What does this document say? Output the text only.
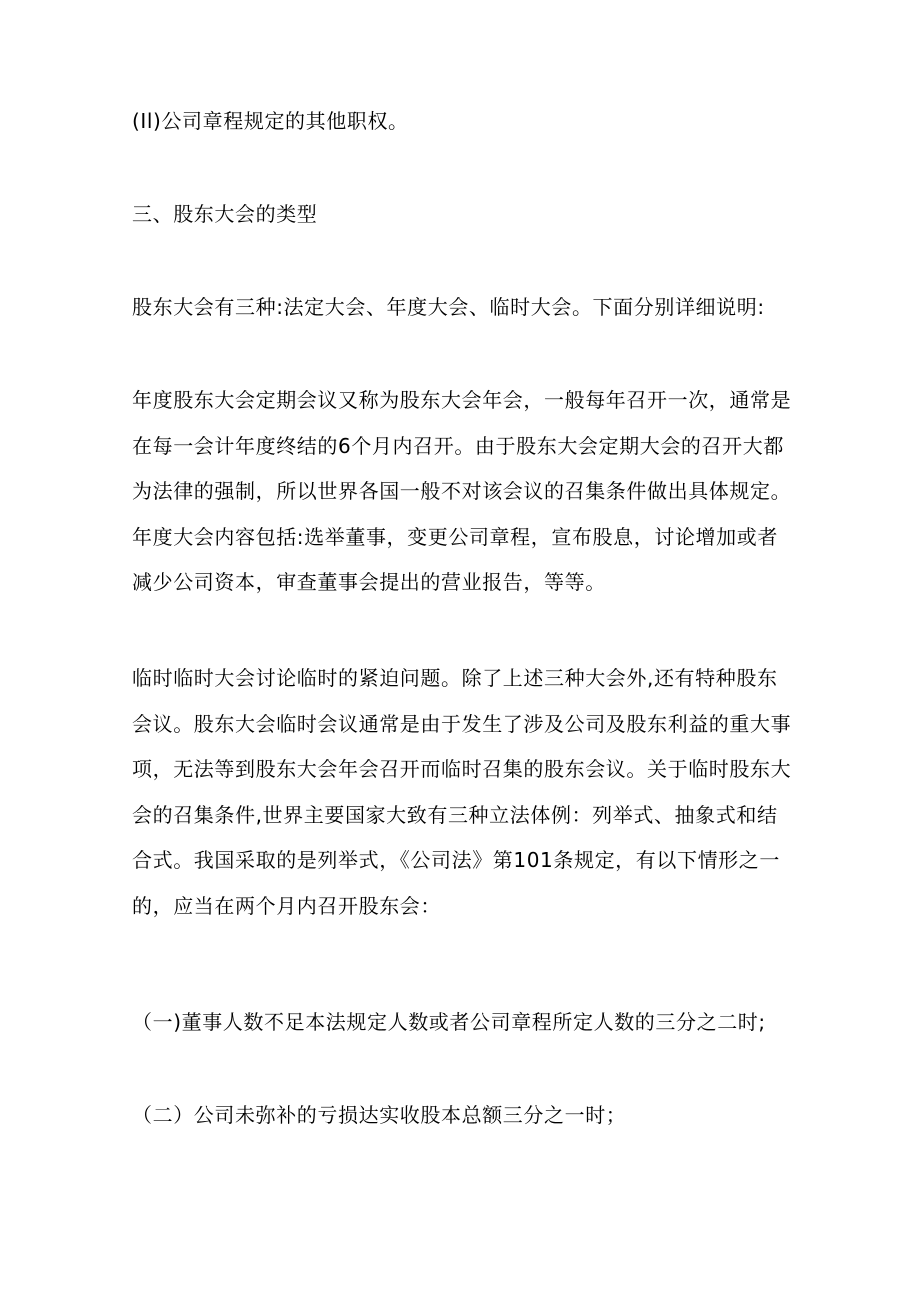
(Il)公司章程规定的其他职权。

三、股东大会的类型

股东大会有三种:法定大会、年度大会、临时大会。下面分别详细说明:

年度股东大会定期会议又称为股东大会年会，一般每年召开一次，通常是在每一会计年度终结的6个月内召开。由于股东大会定期大会的召开大都为法律的强制，所以世界各国一般不对该会议的召集条件做出具体规定。年度大会内容包括:选举董事，变更公司章程，宣布股息，讨论增加或者减少公司资本，审查董事会提出的营业报告，等等。

临时临时大会讨论临时的紧迫问题。除了上述三种大会外,还有特种股东会议。股东大会临时会议通常是由于发生了涉及公司及股东利益的重大事项，无法等到股东大会年会召开而临时召集的股东会议。关于临时股东大会的召集条件,世界主要国家大致有三种立法体例：列举式、抽象式和结合式。我国采取的是列举式，《公司法》第101条规定，有以下情形之一的，应当在两个月内召开股东会：

（一)董事人数不足本法规定人数或者公司章程所定人数的三分之二时;

（二）公司未弥补的亏损达实收股本总额三分之一时；
